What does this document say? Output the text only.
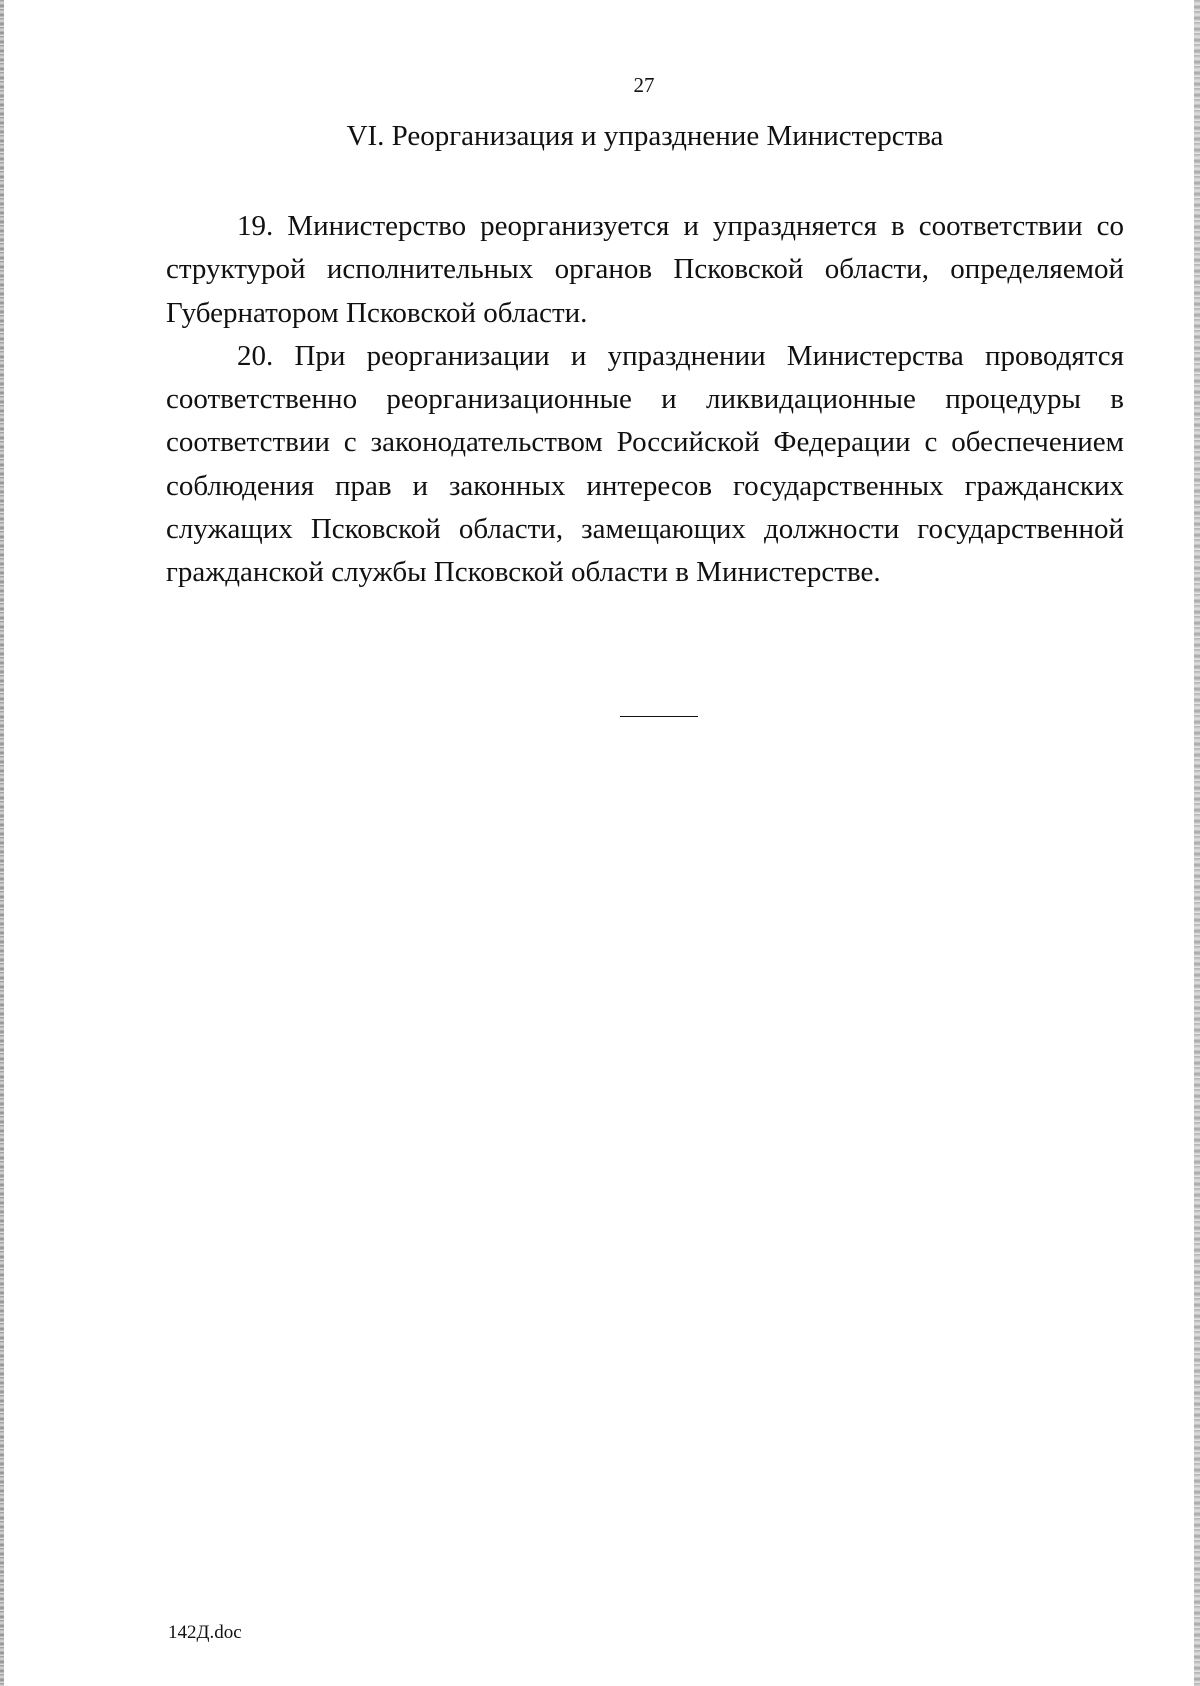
27
VI. Реорганизация и упразднение Министерства

19. Министерство реорганизуется и упраздняется в соответствии со структурой исполнительных органов Псковской области, определяемой Губернатором Псковской области.

20. При реорганизации и упразднении Министерства проводятся соответственно реорганизационные и ликвидационные процедуры в соответствии с законодательством Российской Федерации с обеспечением соблюдения прав и законных интересов государственных гражданских служащих Псковской области, замещающих должности государственной гражданской службы Псковской области в Министерстве.

142Д.doc
